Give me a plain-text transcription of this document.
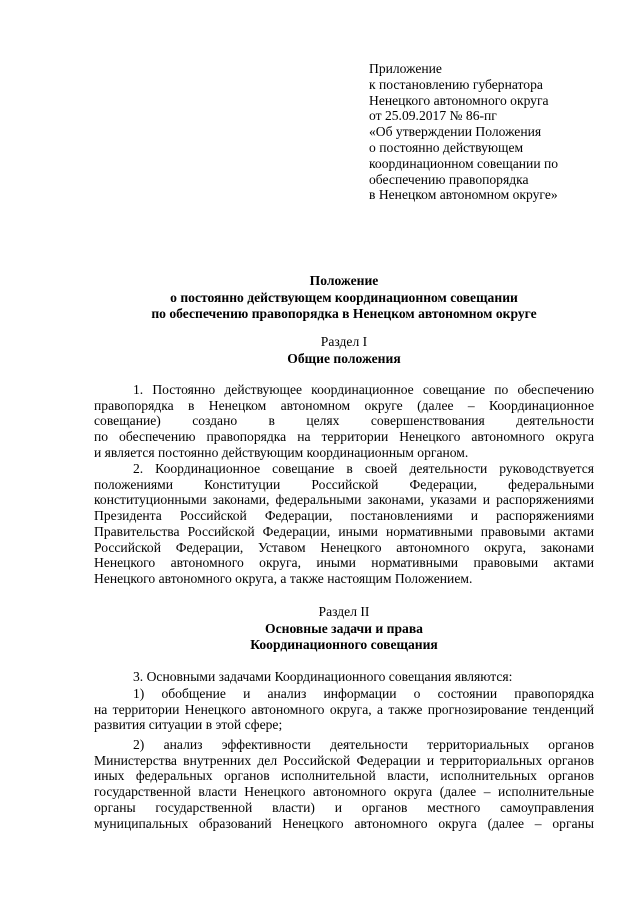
Приложение
к постановлению губернатора
Ненецкого автономного округа
от 25.09.2017 № 86-пг
«Об утверждении Положения
о постоянно действующем
координационном совещании по
обеспечению правопорядка
в Ненецком автономном округе»
Положение
о постоянно действующем координационном совещании
по обеспечению правопорядка в Ненецком автономном округе
Раздел I
Общие положения
1. Постоянно действующее координационное совещание по обеспечению
правопорядка в Ненецком автономном округе (далее – Координационное
совещание) создано в целях совершенствования деятельности
по обеспечению правопорядка на территории Ненецкого автономного округа
и является постоянно действующим координационным органом.
2. Координационное совещание в своей деятельности руководствуется
положениями Конституции Российской Федерации, федеральными
конституционными законами, федеральными законами, указами и распоряжениями
Президента Российской Федерации, постановлениями и распоряжениями
Правительства Российской Федерации, иными нормативными правовыми актами
Российской Федерации, Уставом Ненецкого автономного округа, законами
Ненецкого автономного округа, иными нормативными правовыми актами
Ненецкого автономного округа, а также настоящим Положением.
Раздел II
Основные задачи и права
Координационного совещания
3. Основными задачами Координационного совещания являются:
1) обобщение и анализ информации о состоянии правопорядка
на территории Ненецкого автономного округа, а также прогнозирование тенденций
развития ситуации в этой сфере;
2) анализ эффективности деятельности территориальных органов
Министерства внутренних дел Российской Федерации и территориальных органов
иных федеральных органов исполнительной власти, исполнительных органов
государственной власти Ненецкого автономного округа (далее – исполнительные
органы государственной власти) и органов местного самоуправления
муниципальных образований Ненецкого автономного округа (далее – органы
